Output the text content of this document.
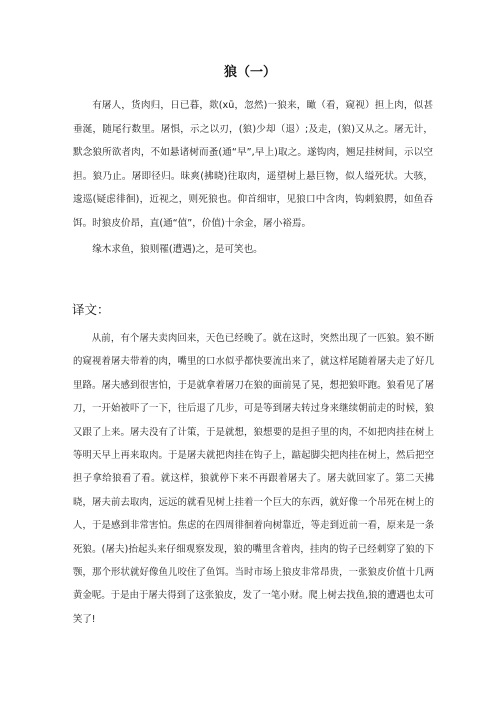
狼（一）

有屠人，货肉归，日已暮，欻(xū，忽然)一狼来，瞰（看，窥视）担上肉，似甚垂涎，随尾行数里。屠惧，示之以刃，(狼)少却（退）;及走，(狼)又从之。屠无计，默念狼所欲者肉，不如悬诸树而蚤(通“早”,早上)取之。遂钩肉，翘足挂树间，示以空担。狼乃止。屠即径归。昧爽(拂晓)往取肉，遥望树上悬巨物，似人缢死状。大骇，逡巡(疑虑徘徊)，近视之，则死狼也。仰首细审，见狼口中含肉，钩刺狼腭，如鱼吞饵。时狼皮价昂，直(通“值”，价值)十余金，屠小裕焉。

缘木求鱼，狼则罹(遭遇)之，是可笑也。

译文：

从前，有个屠夫卖肉回来，天色已经晚了。就在这时，突然出现了一匹狼。狼不断的窥视着屠夫带着的肉，嘴里的口水似乎都快要流出来了，就这样尾随着屠夫走了好几里路。屠夫感到很害怕，于是就拿着屠刀在狼的面前晃了晃，想把狼吓跑。狼看见了屠刀，一开始被吓了一下，往后退了几步，可是等到屠夫转过身来继续朝前走的时候，狼又跟了上来。屠夫没有了计策，于是就想，狼想要的是担子里的肉，不如把肉挂在树上等明天早上再来取肉。于是屠夫就把肉挂在钩子上，踮起脚尖把肉挂在树上，然后把空担子拿给狼看了看。就这样，狼就停下来不再跟着屠夫了。屠夫就回家了。第二天拂晓，屠夫前去取肉，远远的就看见树上挂着一个巨大的东西，就好像一个吊死在树上的人，于是感到非常害怕。焦虑的在四周徘徊着向树靠近，等走到近前一看，原来是一条死狼。(屠夫)抬起头来仔细观察发现，狼的嘴里含着肉，挂肉的钩子已经刺穿了狼的下颚，那个形状就好像鱼儿咬住了鱼饵。当时市场上狼皮非常昂贵，一张狼皮价值十几两黄金呢。于是由于屠夫得到了这张狼皮，发了一笔小财。爬上树去找鱼,狼的遭遇也太可笑了!
